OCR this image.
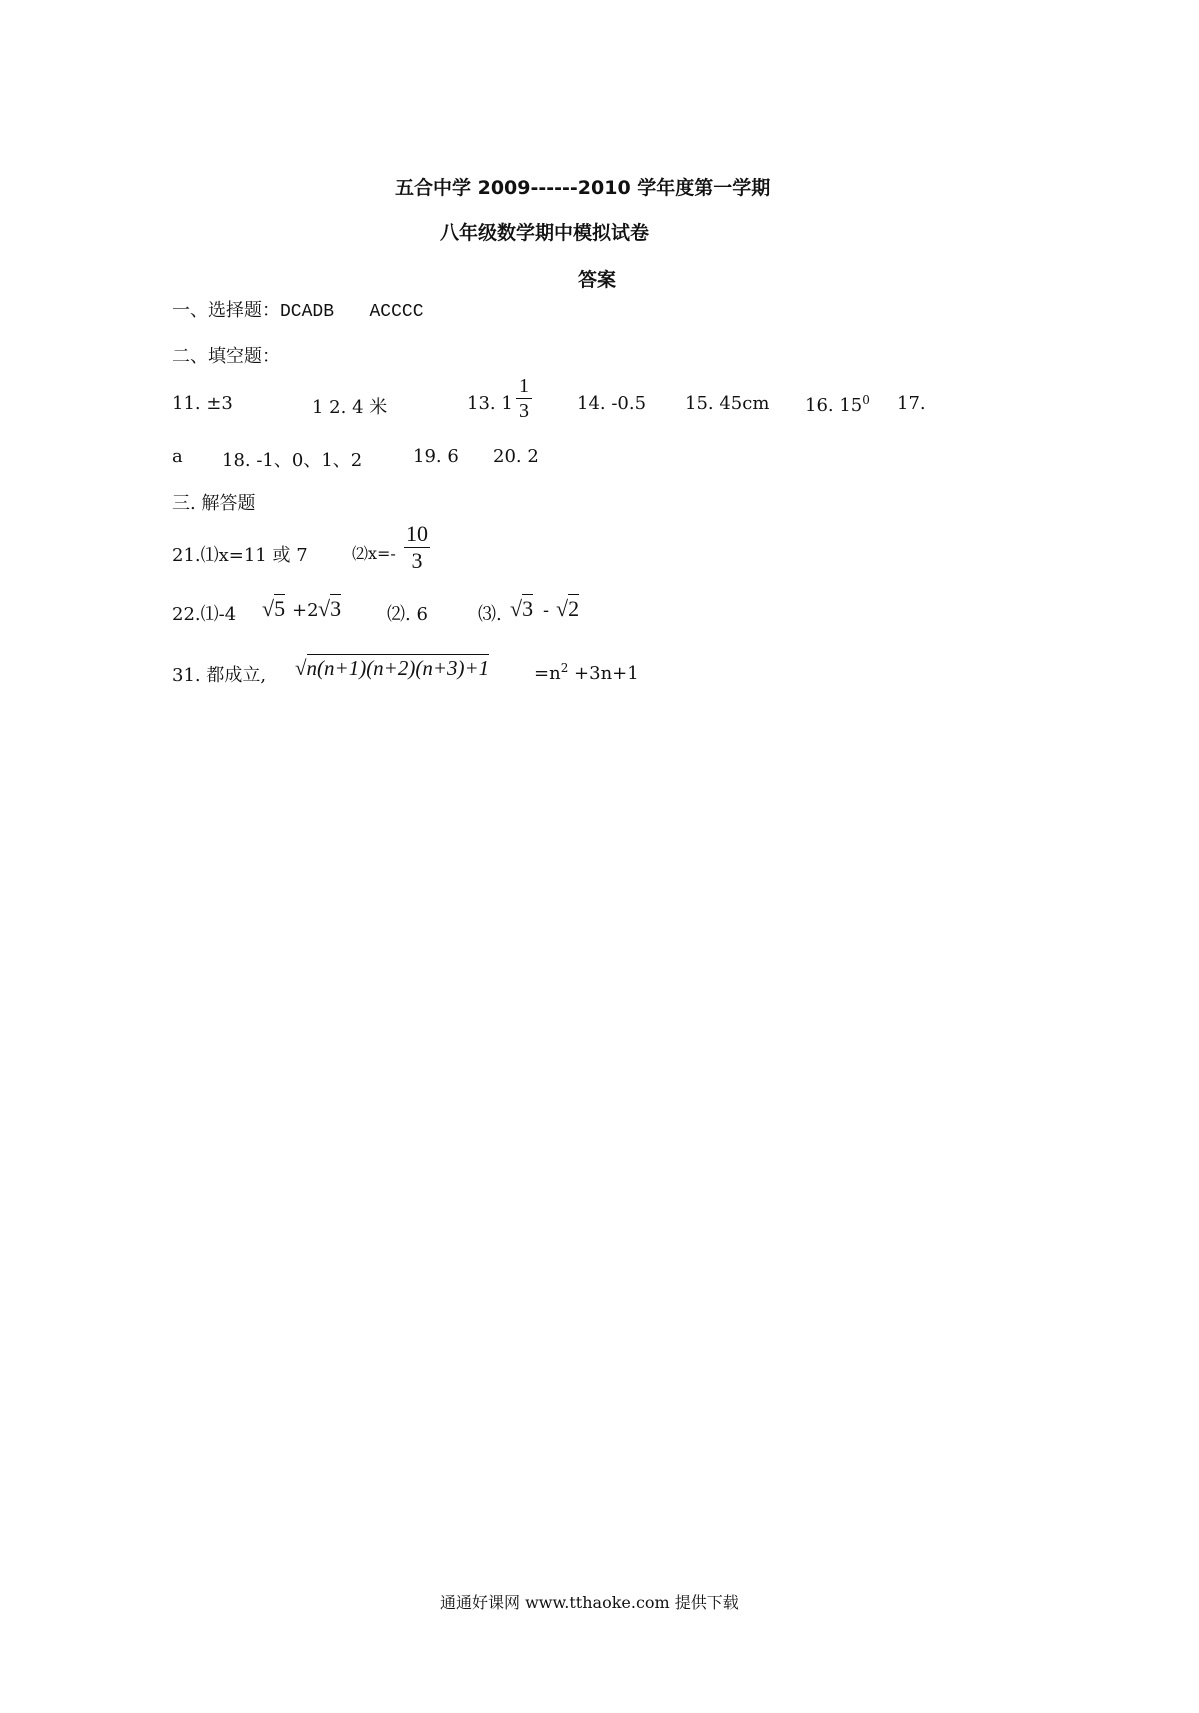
五合中学 2009------2010 学年度第一学期
八年级数学期中模拟试卷
答案
一、选择题：DCADB ACCCC
二、填空题：
11. ±3	1 2. 4 米	13. 1
1
3	14. -0.5 15. 45cm 16. $15^0$ 17.
a 18. -1、0、1、2	19. 6 20. 2
三. 解答题
21.⑴x=11 或 7	⑵x=-
10
3
22.⑴-4 √5 +2 √3	⑵. 6	⑶. √3 - √2
31. 都成立, $√n(n+1)(n+2)(n+3)+1 =n^2 +3n+1$
通通好课网 www.tthaoke.com 提供下载
